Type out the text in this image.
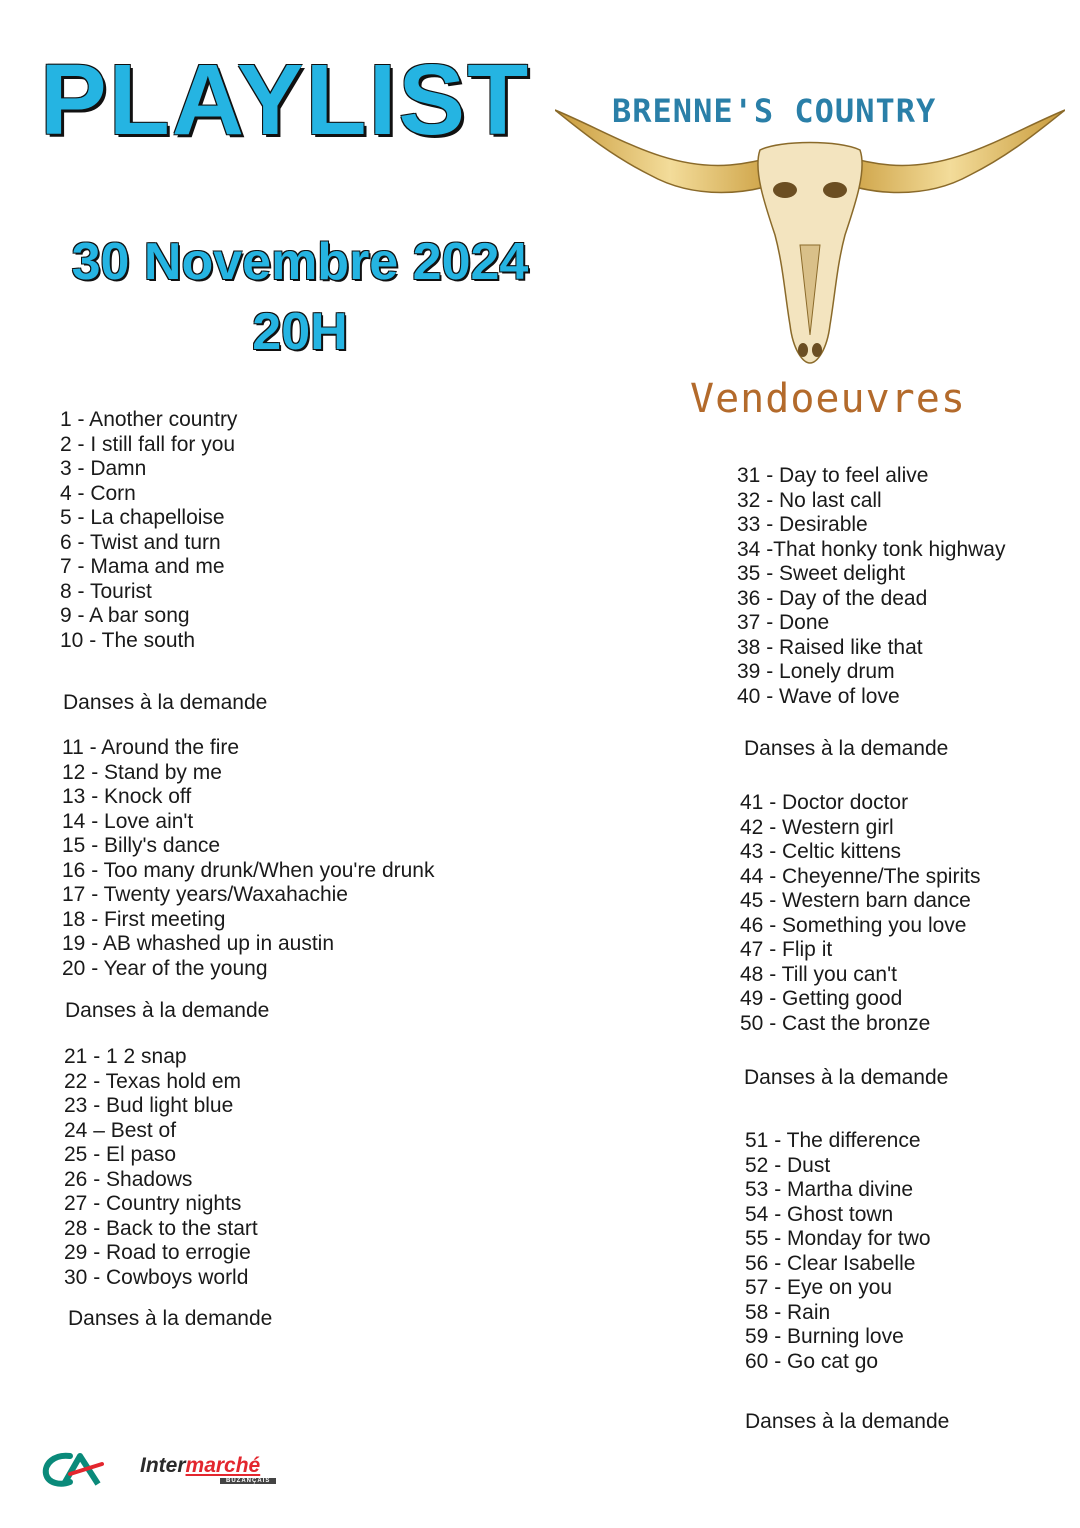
PLAYLIST	BRENNE'S COUNTRY
30 Novembre 2024
20H
Vendoeuvres
1 - Another country
2 - I still fall for you
3 - Damn
4 - Corn
5 - La chapelloise
6 - Twist and turn
7 - Mama and me
8 - Tourist
9 - A bar song
10 - The south
Danses à la demande
11 - Around the fire
12 - Stand by me
13 - Knock off
14 - Love ain't
15 - Billy's dance
16 - Too many drunk/When you're drunk
17 - Twenty years/Waxahachie
18 - First meeting
19 - AB whashed up in austin
20 - Year of the young
Danses à la demande
21 - 1 2 snap
22 - Texas hold em
23 - Bud light blue
24 – Best of
25 - El paso
26 - Shadows
27 - Country nights
28 - Back to the start
29 - Road to errogie
30 - Cowboys world
Danses à la demande
31 - Day to feel alive
32 - No last call
33 - Desirable
34 -That honky tonk highway
35 - Sweet delight
36 - Day of the dead
37 - Done
38 - Raised like that
39 - Lonely drum
40 - Wave of love
Danses à la demande
41 - Doctor doctor
42 - Western girl
43 - Celtic kittens
44 - Cheyenne/The spirits
45 - Western barn dance
46 - Something you love
47 - Flip it
48 - Till you can't
49 - Getting good
50 - Cast the bronze
Danses à la demande
51 - The difference
52 - Dust
53 - Martha divine
54 - Ghost town
55 - Monday for two
56 - Clear Isabelle
57 - Eye on you
58 - Rain
59 - Burning love
60 - Go cat go
Danses à la demande
Intermarché
BUZANÇAIS
